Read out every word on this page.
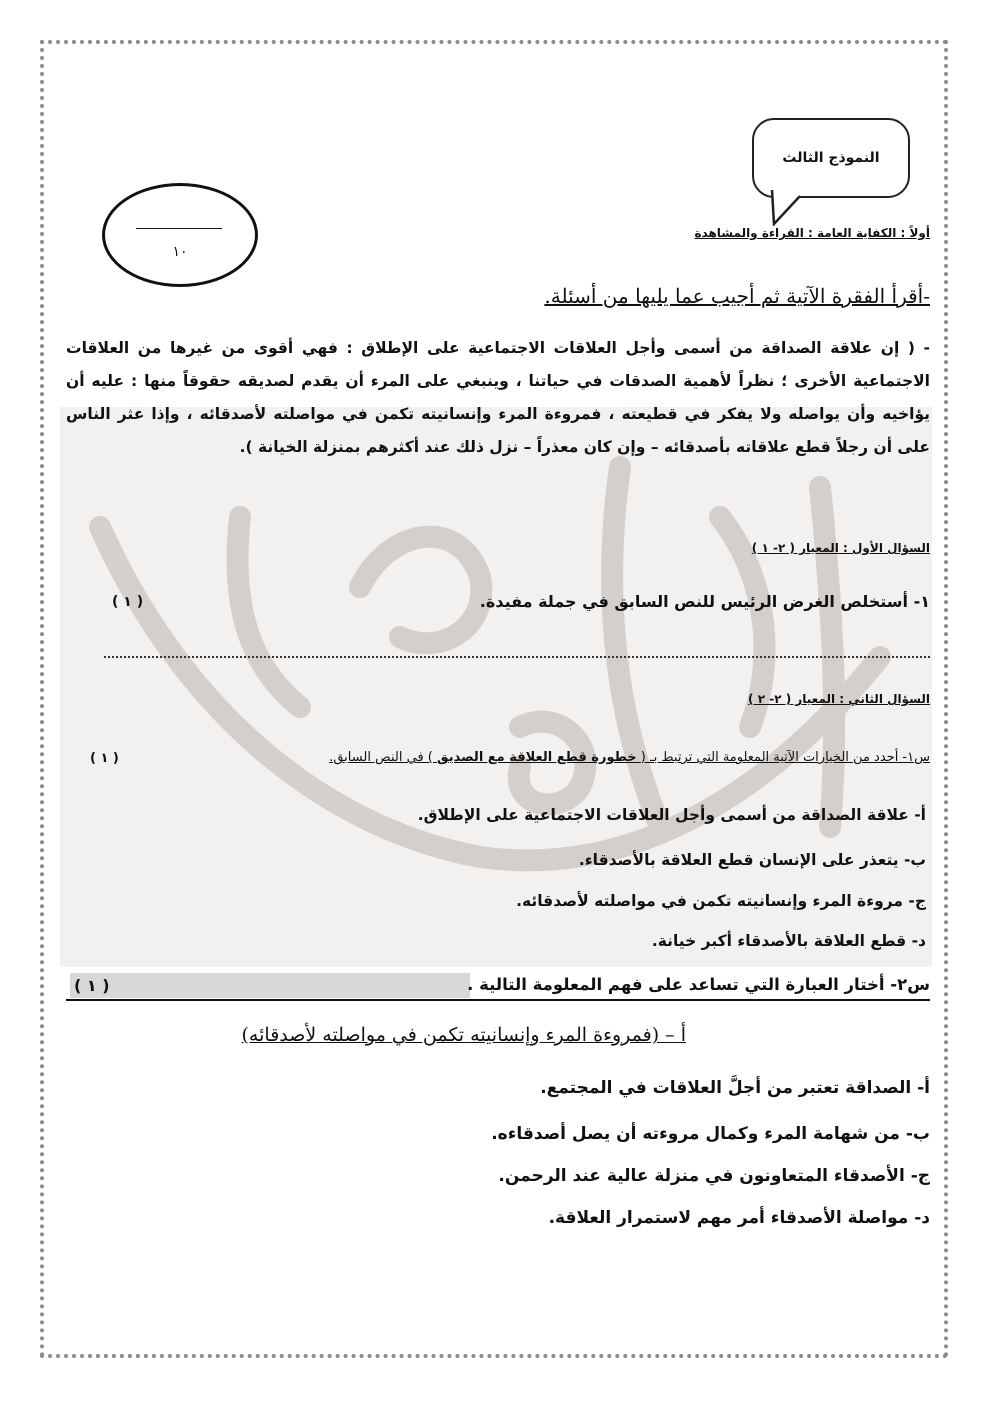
النموذج الثالث
١٠
أولاً : الكفاية العامة : القراءة والمشاهدة
-أقرأ الفقرة الآتية ثم أجيب عما يليها من أسئلة.
- ( إن علاقة الصداقة من أسمى وأجل العلاقات الاجتماعية على الإطلاق : فهي أقوى من غيرها من العلاقات الاجتماعية الأخرى ؛ نظراً لأهمية الصدقات في حياتنا ، وينبغي على المرء أن يقدم لصديقه حقوقاً منها : عليه أن يؤاخيه وأن يواصله ولا يفكر في قطيعته ، فمروءة المرء وإنسانيته تكمن في مواصلته لأصدقائه ، وإذا عثر الناس على أن رجلاً قطع علاقاته بأصدقائه – وإن كان معذراً – نزل ذلك عند أكثرهم بمنزلة الخيانة ).
السؤال الأول : المعيار ( ٢- ١ )
١- أستخلص الغرض الرئيس للنص السابق في جملة مفيدة.
( ١ )
السؤال الثاني : المعيار ( ٢- ٢ )
س١- أحدد من الخيارات الآتية المعلومة التي ترتبط بـ ( خطورة قطع العلاقة مع الصديق ) في النص السابق.
( ١ )
أ- علاقة الصداقة من أسمى وأجل العلاقات الاجتماعية على الإطلاق.
ب- يتعذر على الإنسان قطع العلاقة بالأصدقاء.
ج- مروءة المرء وإنسانيته تكمن في مواصلته لأصدقائه.
د- قطع العلاقة بالأصدقاء أكبر خيانة.
س٢- أختار العبارة التي تساعد على فهم المعلومة التالية .
( ١ )
أ – (فمروءة المرء وإنسانيته تكمن في مواصلته لأصدقائه)
أ- الصداقة تعتبر من أجلَّ العلاقات في المجتمع.
ب- من شهامة المرء وكمال مروءته أن يصل أصدقاءه.
ج- الأصدقاء المتعاونون في منزلة عالية عند الرحمن.
د- مواصلة الأصدقاء أمر مهم لاستمرار العلاقة.
